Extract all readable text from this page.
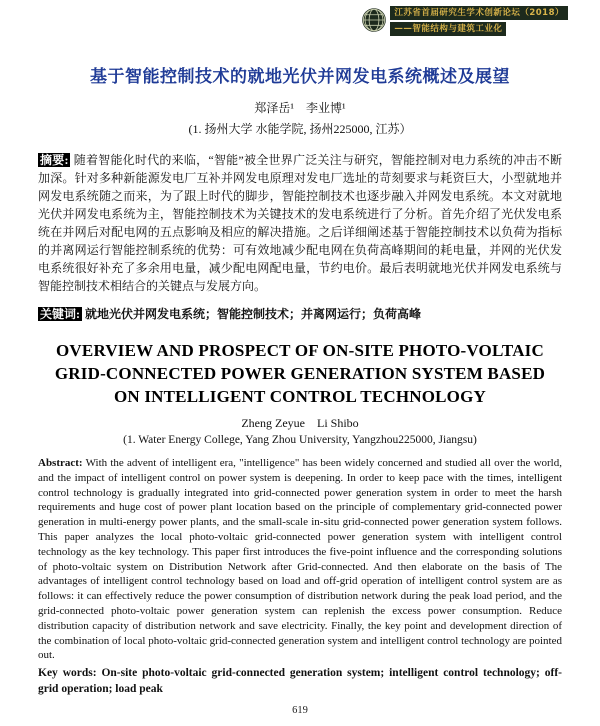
江苏省首届研究生学术创新论坛（2018）
——智能结构与建筑工业化
基于智能控制技术的就地光伏并网发电系统概述及展望
郑泽岳¹　李业博¹
(1. 扬州大学 水能学院, 扬州225000, 江苏）

摘要: 随着智能化时代的来临，“智能”被全世界广泛关注与研究，智能控制对电力系统的冲击不断加深。针对多种新能源发电厂互补并网发电原理对发电厂选址的苛刻要求与耗资巨大，小型就地并网发电系统随之而来，为了跟上时代的脚步，智能控制技术也逐步融入并网发电系统。本文对就地光伏并网发电系统为主，智能控制技术为关键技术的发电系统进行了分析。首先介绍了光伏发电系统在并网后对配电网的五点影响及相应的解决措施。之后详细阐述基于智能控制技术以负荷为指标的并离网运行智能控制系统的优势：可有效地减少配电网在负荷高峰期间的耗电量，并网的光伏发电系统很好补充了多余用电量，减少配电网配电量，节约电价。最后表明就地光伏并网发电系统与智能控制技术相结合的关键点与发展方向。

关键词: 就地光伏并网发电系统；智能控制技术；并离网运行；负荷高峰

OVERVIEW AND PROSPECT OF ON-SITE PHOTO-VOLTAIC
GRID-CONNECTED POWER GENERATION SYSTEM BASED
ON INTELLIGENT CONTROL TECHNOLOGY
Zheng Zeyue    Li Shibo
(1. Water Energy College, Yang Zhou University, Yangzhou225000, Jiangsu)

Abstract: With the advent of intelligent era, "intelligence" has been widely concerned and studied all over the world, and the impact of intelligent control on power system is deepening. In order to keep pace with the times, intelligent control technology is gradually integrated into grid-connected power generation system in order to meet the harsh requirements and huge cost of power plant location based on the principle of complementary grid-connected power generation in multi-energy power plants, and the small-scale in-situ grid-connected power generation system follows. This paper analyzes the local photo-voltaic grid-connected power generation system with intelligent control technology as the key technology. This paper first introduces the five-point influence and the corresponding solutions of photo-voltaic system on Distribution Network after Grid-connected. And then elaborate on the basis of The advantages of intelligent control technology based on load and off-grid operation of intelligent control system are as follows: it can effectively reduce the power consumption of distribution network during the peak load period, and the grid-connected photo-voltaic power generation system can replenish the excess power consumption. Reduce distribution capacity of distribution network and save electricity. Finally, the key point and development direction of the combination of local photo-voltaic grid-connected generation system and intelligent control technology are pointed out.

Key words: On-site photo-voltaic grid-connected generation system; intelligent control technology; off-grid operation; load peak

619
